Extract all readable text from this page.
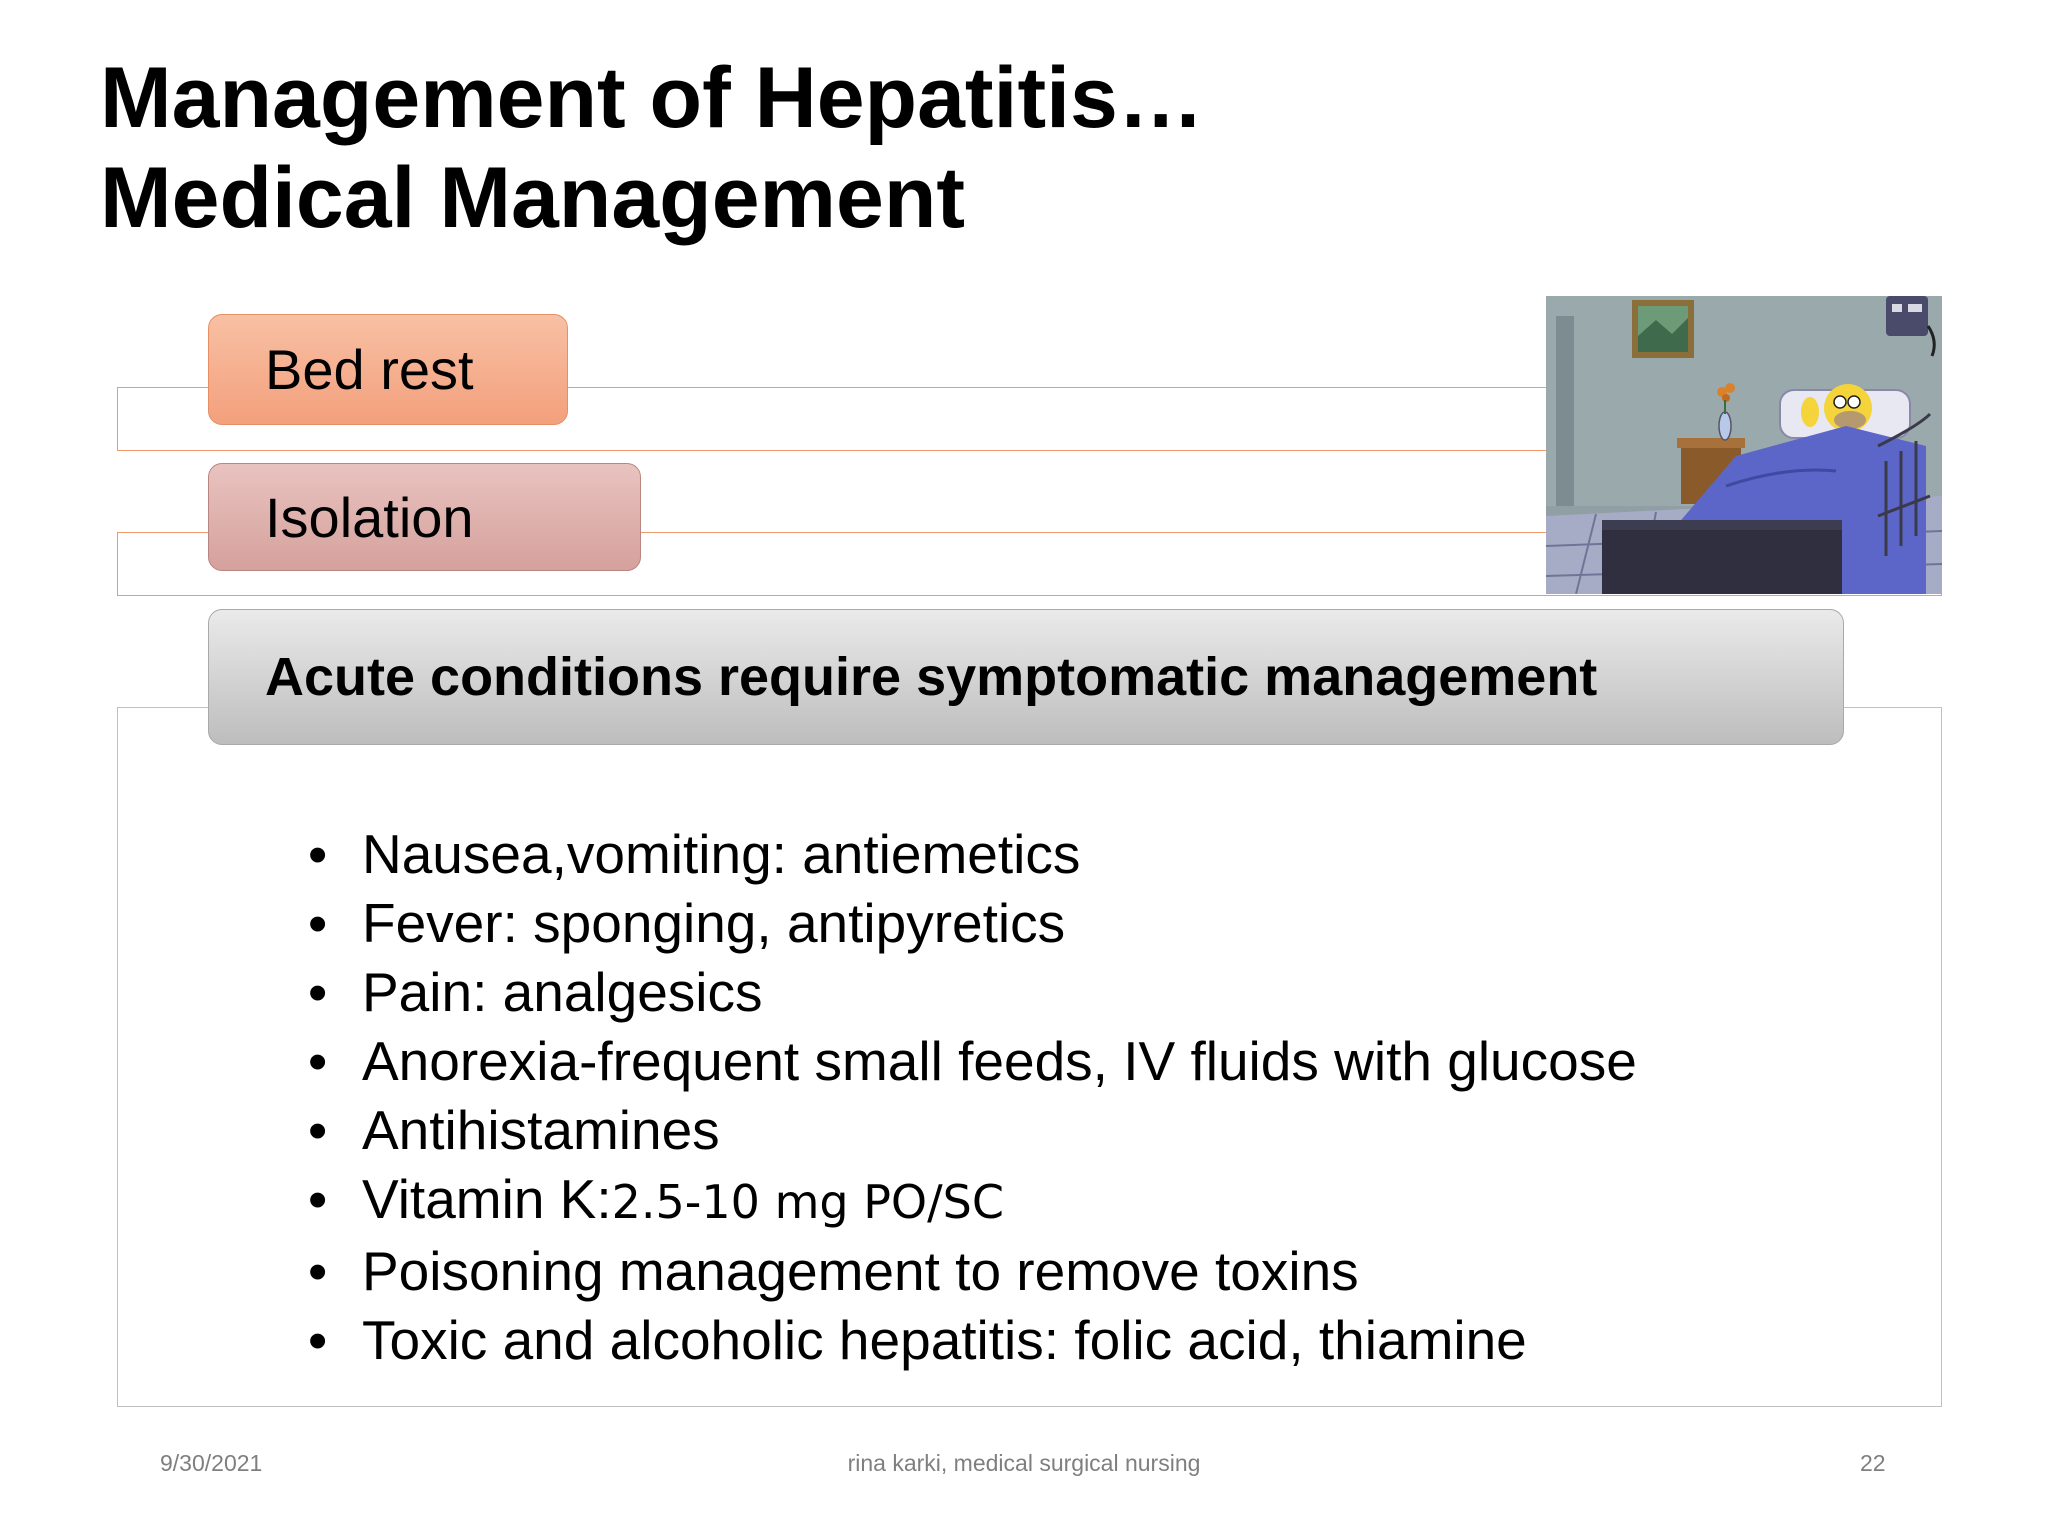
Management of Hepatitis…
Medical Management
Bed rest
Isolation
Acute conditions require symptomatic management
• Nausea,vomiting: antiemetics
• Fever: sponging, antipyretics
• Pain: analgesics
• Anorexia-frequent small feeds, IV fluids with glucose
• Antihistamines
• Vitamin K:2.5-10 mg PO/SC
• Poisoning management to remove toxins
• Toxic and alcoholic hepatitis: folic acid, thiamine
9/30/2021	rina karki, medical surgical nursing	22
